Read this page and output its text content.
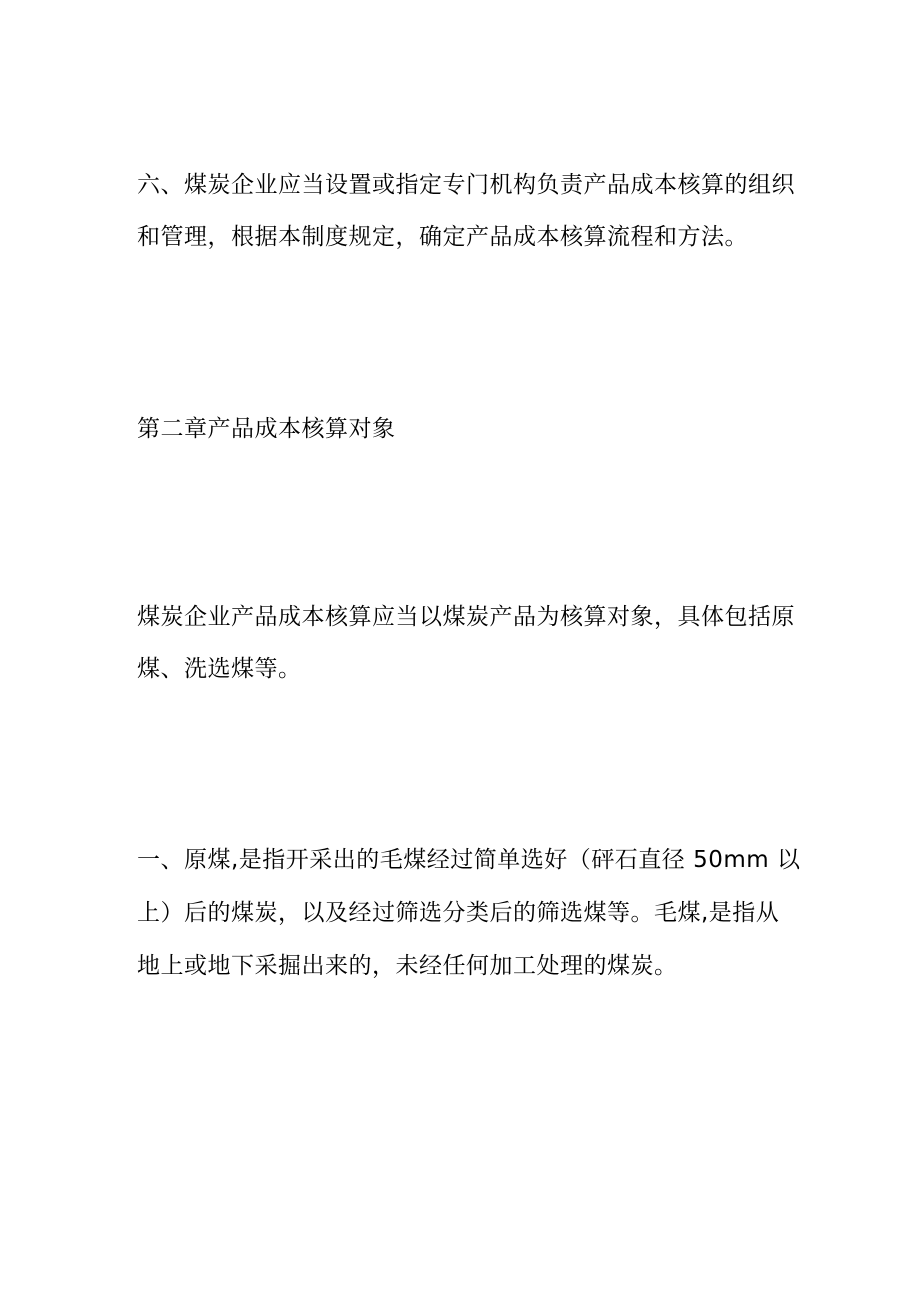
六、煤炭企业应当设置或指定专门机构负责产品成本核算的组织
和管理，根据本制度规定，确定产品成本核算流程和方法。
第二章产品成本核算对象
煤炭企业产品成本核算应当以煤炭产品为核算对象，具体包括原
煤、洗选煤等。
一、原煤,是指开采出的毛煤经过简单选好（砰石直径 50mm 以
上）后的煤炭，以及经过筛选分类后的筛选煤等。毛煤,是指从
地上或地下采掘出来的，未经任何加工处理的煤炭。
